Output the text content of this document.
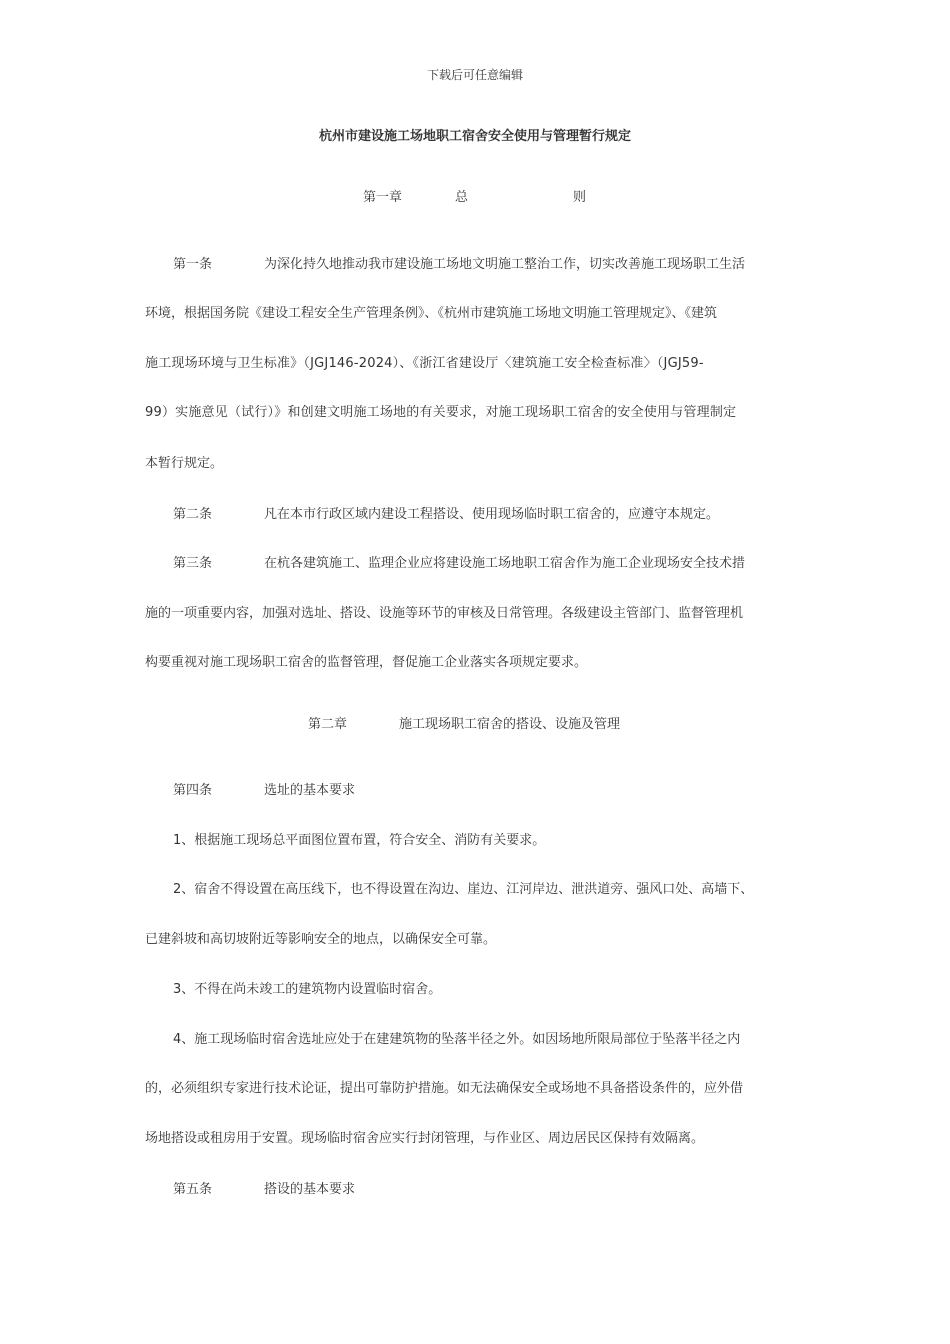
下载后可任意编辑
杭州市建设施工场地职工宿舍安全使用与管理暂行规定
第一章	总	则
第一条	为深化持久地推动我市建设施工场地文明施工整治工作，切实改善施工现场职工生活
环境，根据国务院《建设工程安全生产管理条例》、《杭州市建筑施工场地文明施工管理规定》、《建筑
施工现场环境与卫生标准》（JGJ146-2024）、《浙江省建设厅〈建筑施工安全检查标准〉（JGJ59-
99）实施意见（试行）》和创建文明施工场地的有关要求，对施工现场职工宿舍的安全使用与管理制定
本暂行规定。
第二条	凡在本市行政区域内建设工程搭设、使用现场临时职工宿舍的，应遵守本规定。
第三条	在杭各建筑施工、监理企业应将建设施工场地职工宿舍作为施工企业现场安全技术措
施的一项重要内容，加强对选址、搭设、设施等环节的审核及日常管理。各级建设主管部门、监督管理机
构要重视对施工现场职工宿舍的监督管理，督促施工企业落实各项规定要求。
第二章	施工现场职工宿舍的搭设、设施及管理
第四条	选址的基本要求
1、根据施工现场总平面图位置布置，符合安全、消防有关要求。
2、宿舍不得设置在高压线下，也不得设置在沟边、崖边、江河岸边、泄洪道旁、强风口处、高墙下、
已建斜坡和高切坡附近等影响安全的地点，以确保安全可靠。
3、不得在尚未竣工的建筑物内设置临时宿舍。
4、施工现场临时宿舍选址应处于在建建筑物的坠落半径之外。如因场地所限局部位于坠落半径之内
的，必须组织专家进行技术论证，提出可靠防护措施。如无法确保安全或场地不具备搭设条件的，应外借
场地搭设或租房用于安置。现场临时宿舍应实行封闭管理，与作业区、周边居民区保持有效隔离。
第五条	搭设的基本要求
